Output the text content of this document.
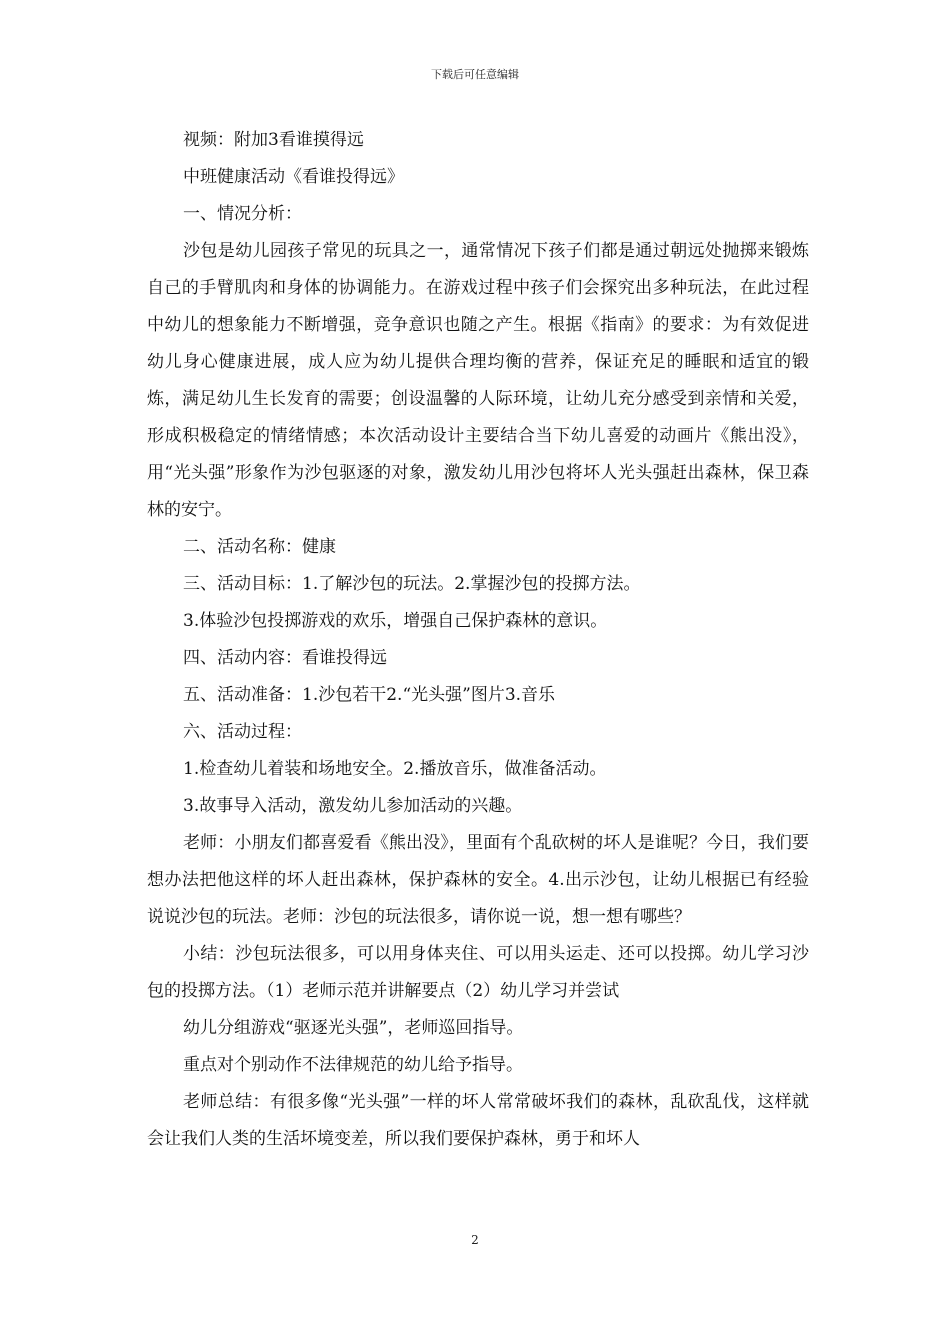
下载后可任意编辑

视频：附加3看谁摸得远

中班健康活动《看谁投得远》

一、情况分析：

沙包是幼儿园孩子常见的玩具之一，通常情况下孩子们都是通过朝远处抛掷来锻炼自己的手臂肌肉和身体的协调能力。在游戏过程中孩子们会探究出多种玩法，在此过程中幼儿的想象能力不断增强，竞争意识也随之产生。根据《指南》的要求：为有效促进幼儿身心健康进展，成人应为幼儿提供合理均衡的营养，保证充足的睡眠和适宜的锻炼，满足幼儿生长发育的需要；创设温馨的人际环境，让幼儿充分感受到亲情和关爱，形成积极稳定的情绪情感；本次活动设计主要结合当下幼儿喜爱的动画片《熊出没》，用“光头强”形象作为沙包驱逐的对象，激发幼儿用沙包将坏人光头强赶出森林，保卫森林的安宁。

二、活动名称：健康

三、活动目标：1.了解沙包的玩法。2.掌握沙包的投掷方法。

3.体验沙包投掷游戏的欢乐，增强自己保护森林的意识。

四、活动内容：看谁投得远

五、活动准备：1.沙包若干2.“光头强”图片3.音乐

六、活动过程：

1.检查幼儿着装和场地安全。2.播放音乐，做准备活动。

3.故事导入活动，激发幼儿参加活动的兴趣。

老师：小朋友们都喜爱看《熊出没》，里面有个乱砍树的坏人是谁呢？今日，我们要想办法把他这样的坏人赶出森林，保护森林的安全。4.出示沙包，让幼儿根据已有经验说说沙包的玩法。老师：沙包的玩法很多，请你说一说，想一想有哪些？

小结：沙包玩法很多，可以用身体夹住、可以用头运走、还可以投掷。幼儿学习沙包的投掷方法。（1）老师示范并讲解要点（2）幼儿学习并尝试

幼儿分组游戏“驱逐光头强”，老师巡回指导。

重点对个别动作不法律规范的幼儿给予指导。

老师总结：有很多像“光头强”一样的坏人常常破坏我们的森林，乱砍乱伐，这样就会让我们人类的生活坏境变差，所以我们要保护森林，勇于和坏人

2
